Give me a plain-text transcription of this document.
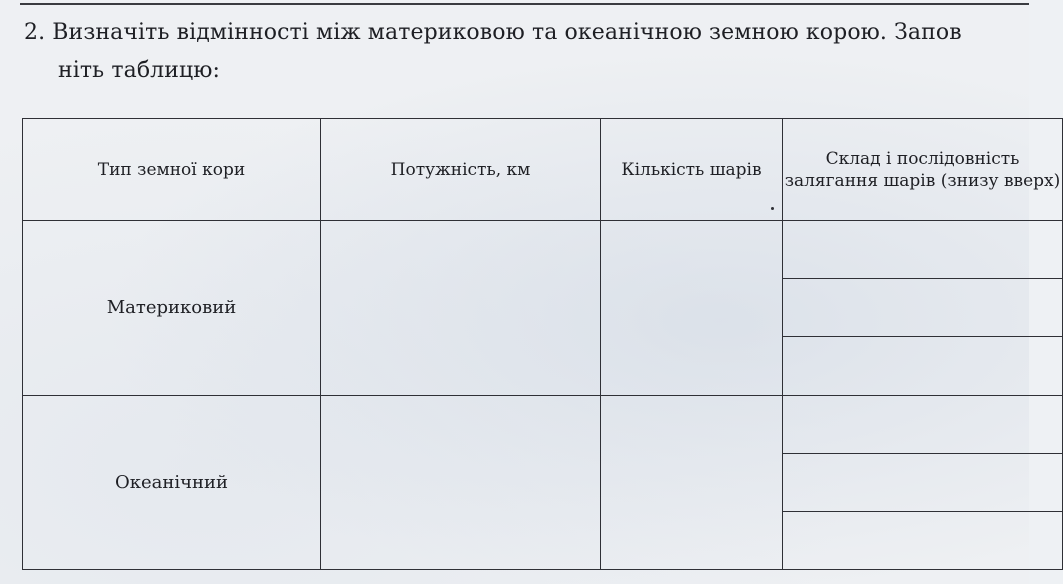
2. Визначіть відмінності між материковою та океанічною земною корою. Запов
ніть таблицю:
Тип земної кори	Потужність, км	Кількість шарів	Склад і послідовність залягання шарів (знизу вверх)
Материковий			

Океанічний			
